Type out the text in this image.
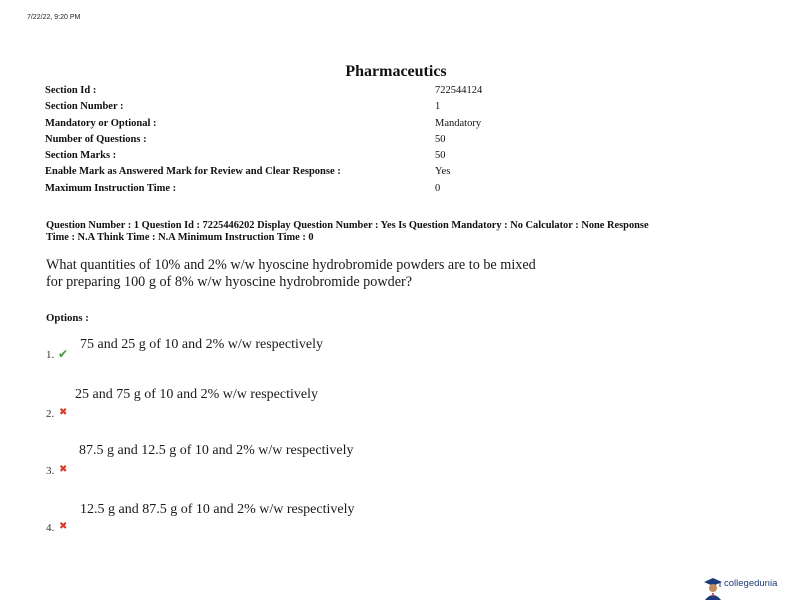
7/22/22, 9:20 PM
Pharmaceutics
Section Id :	722544124
Section Number :	1
Mandatory or Optional :	Mandatory
Number of Questions :	50
Section Marks :	50
Enable Mark as Answered Mark for Review and Clear Response :	Yes
Maximum Instruction Time :	0
Question Number : 1 Question Id : 7225446202 Display Question Number : Yes Is Question Mandatory : No Calculator : None Response
Time : N.A Think Time : N.A Minimum Instruction Time : 0
What quantities of 10% and 2% w/w hyoscine hydrobromide powders are to be mixed
for preparing 100 g of 8% w/w hyoscine hydrobromide powder?
Options :
75 and 25 g of 10 and 2% w/w respectively
1. ✔
25 and 75 g of 10 and 2% w/w respectively
2. ✖
87.5 g and 12.5 g of 10 and 2% w/w respectively
3. ✖
12.5 g and 87.5 g of 10 and 2% w/w respectively
4. ✖
collegedunia
